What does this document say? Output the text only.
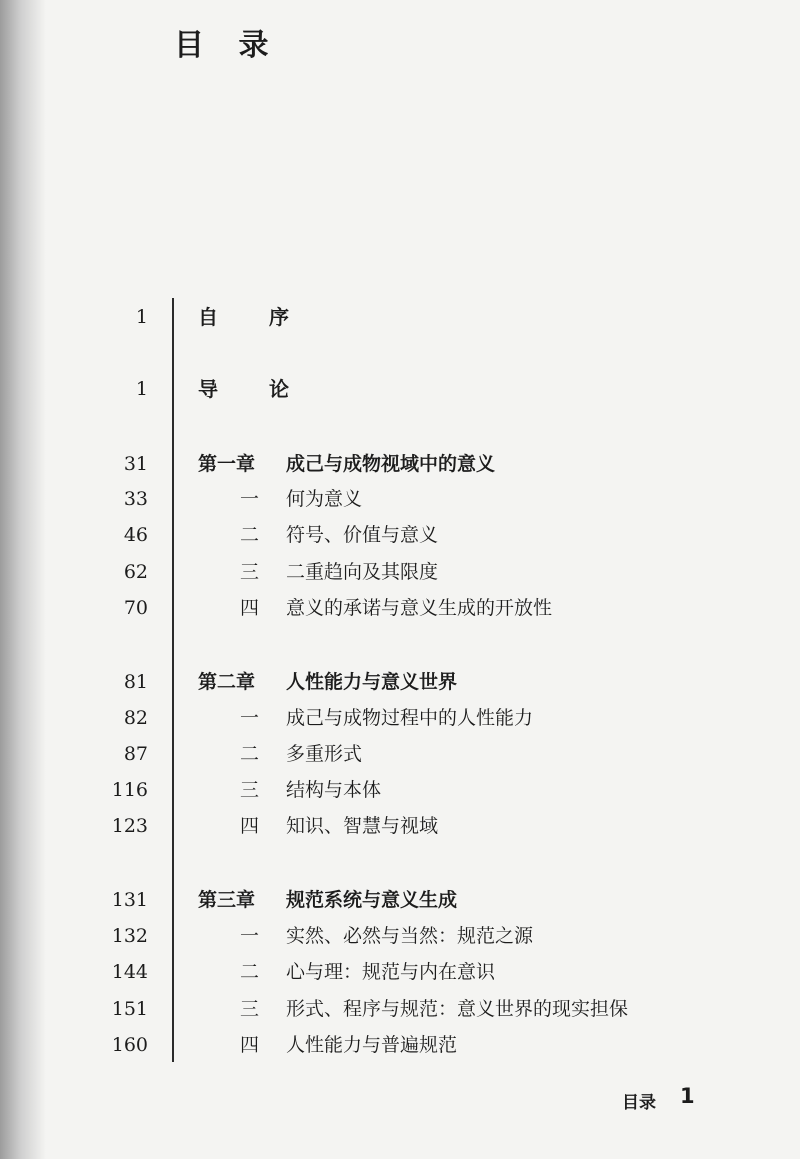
目 录
1	自 序
1	导 论
31	第一章 成己与成物视域中的意义
33	一 何为意义
46	二 符号、价值与意义
62	三 二重趋向及其限度
70	四 意义的承诺与意义生成的开放性
81	第二章 人性能力与意义世界
82	一 成己与成物过程中的人性能力
87	二 多重形式
116	三 结构与本体
123	四 知识、智慧与视域
131	第三章 规范系统与意义生成
132	一 实然、必然与当然：规范之源
144	二 心与理：规范与内在意识
151	三 形式、程序与规范：意义世界的现实担保
160	四 人性能力与普遍规范
目录 1
